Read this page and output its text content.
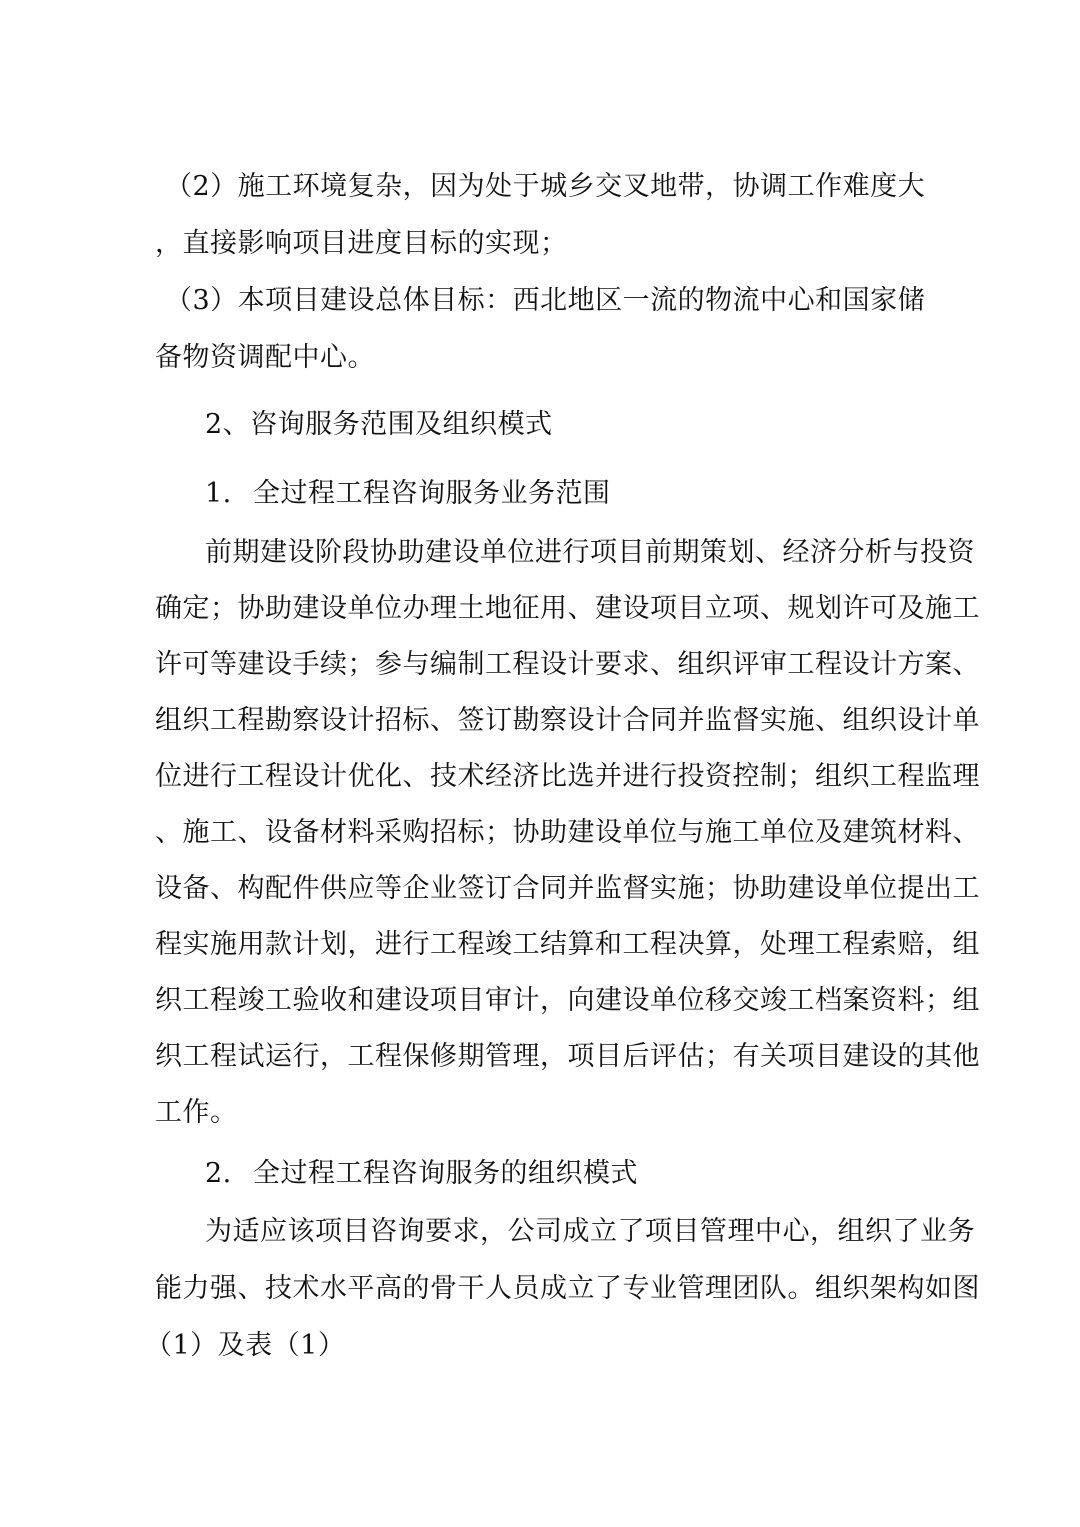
（2）施工环境复杂，因为处于城乡交叉地带，协调工作难度大
，直接影响项目进度目标的实现；
（3）本项目建设总体目标：西北地区一流的物流中心和国家储
备物资调配中心。
2、咨询服务范围及组织模式
1. 全过程工程咨询服务业务范围
前期建设阶段协助建设单位进行项目前期策划、经济分析与投资
确定；协助建设单位办理土地征用、建设项目立项、规划许可及施工
许可等建设手续；参与编制工程设计要求、组织评审工程设计方案、
组织工程勘察设计招标、签订勘察设计合同并监督实施、组织设计单
位进行工程设计优化、技术经济比选并进行投资控制；组织工程监理
、施工、设备材料采购招标；协助建设单位与施工单位及建筑材料、
设备、构配件供应等企业签订合同并监督实施；协助建设单位提出工
程实施用款计划，进行工程竣工结算和工程决算，处理工程索赔，组
织工程竣工验收和建设项目审计，向建设单位移交竣工档案资料；组
织工程试运行，工程保修期管理，项目后评估；有关项目建设的其他
工作。
2. 全过程工程咨询服务的组织模式
为适应该项目咨询要求，公司成立了项目管理中心，组织了业务
能力强、技术水平高的骨干人员成立了专业管理团队。组织架构如图
（1）及表（1）
